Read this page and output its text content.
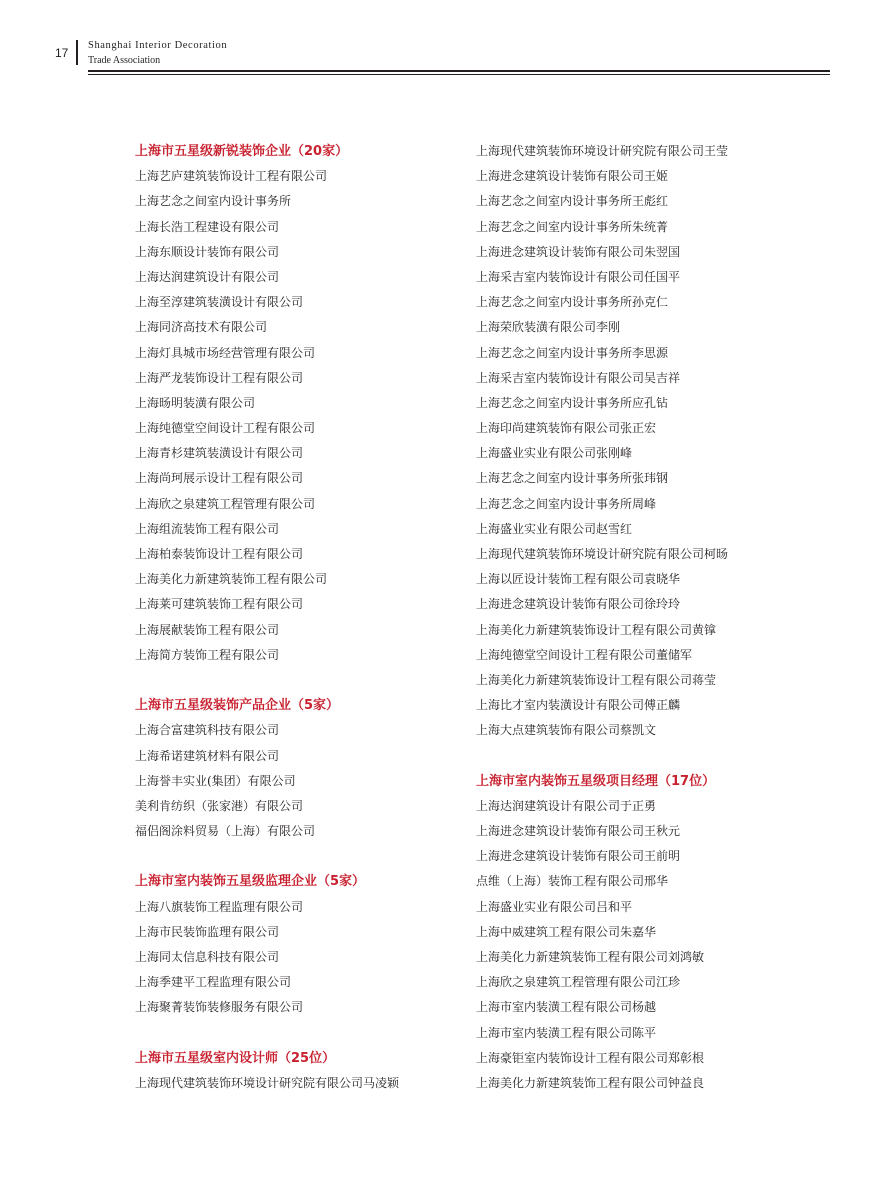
17
Shanghai Interior Decoration
Trade Association
上海市五星级新锐装饰企业（20家）
上海艺庐建筑装饰设计工程有限公司
上海艺念之间室内设计事务所
上海长浩工程建设有限公司
上海东顺设计装饰有限公司
上海达润建筑设计有限公司
上海至淳建筑装潢设计有限公司
上海同济高技术有限公司
上海灯具城市场经营管理有限公司
上海严龙装饰设计工程有限公司
上海旸明装潢有限公司
上海纯德堂空间设计工程有限公司
上海青杉建筑装潢设计有限公司
上海尚珂展示设计工程有限公司
上海欣之泉建筑工程管理有限公司
上海组流装饰工程有限公司
上海柏泰装饰设计工程有限公司
上海美化力新建筑装饰工程有限公司
上海莱可建筑装饰工程有限公司
上海展献装饰工程有限公司
上海简方装饰工程有限公司
上海市五星级装饰产品企业（5家）
上海合富建筑科技有限公司
上海希诺建筑材料有限公司
上海誉丰实业(集团）有限公司
美利肯纺织（张家港）有限公司
福侣阁涂料贸易（上海）有限公司
上海市室内装饰五星级监理企业（5家）
上海八旗装饰工程监理有限公司
上海市民装饰监理有限公司
上海同太信息科技有限公司
上海季建平工程监理有限公司
上海聚菁装饰装修服务有限公司
上海市五星级室内设计师（25位）
上海现代建筑装饰环境设计研究院有限公司马凌颖
上海现代建筑装饰环境设计研究院有限公司王莹
上海进念建筑设计装饰有限公司王姬
上海艺念之间室内设计事务所王彪红
上海艺念之间室内设计事务所朱统菁
上海进念建筑设计装饰有限公司朱翌国
上海采吉室内装饰设计有限公司任国平
上海艺念之间室内设计事务所孙克仁
上海荣欣装潢有限公司李刚
上海艺念之间室内设计事务所李思源
上海采吉室内装饰设计有限公司吴吉祥
上海艺念之间室内设计事务所应孔钻
上海印尚建筑装饰有限公司张正宏
上海盛业实业有限公司张刚峰
上海艺念之间室内设计事务所张玮钢
上海艺念之间室内设计事务所周峰
上海盛业实业有限公司赵雪红
上海现代建筑装饰环境设计研究院有限公司柯旸
上海以匠设计装饰工程有限公司袁晓华
上海进念建筑设计装饰有限公司徐玲玲
上海美化力新建筑装饰设计工程有限公司黄镎
上海纯德堂空间设计工程有限公司董储军
上海美化力新建筑装饰设计工程有限公司蒋莹
上海比才室内装潢设计有限公司傅正麟
上海大点建筑装饰有限公司蔡凯文
上海市室内装饰五星级项目经理（17位）
上海达润建筑设计有限公司于正勇
上海进念建筑设计装饰有限公司王秋元
上海进念建筑设计装饰有限公司王前明
点维（上海）装饰工程有限公司邢华
上海盛业实业有限公司吕和平
上海中威建筑工程有限公司朱嘉华
上海美化力新建筑装饰工程有限公司刘鸿敏
上海欣之泉建筑工程管理有限公司江珍
上海市室内装潢工程有限公司杨越
上海市室内装潢工程有限公司陈平
上海豪钜室内装饰设计工程有限公司郑彰根
上海美化力新建筑装饰工程有限公司钟益良
